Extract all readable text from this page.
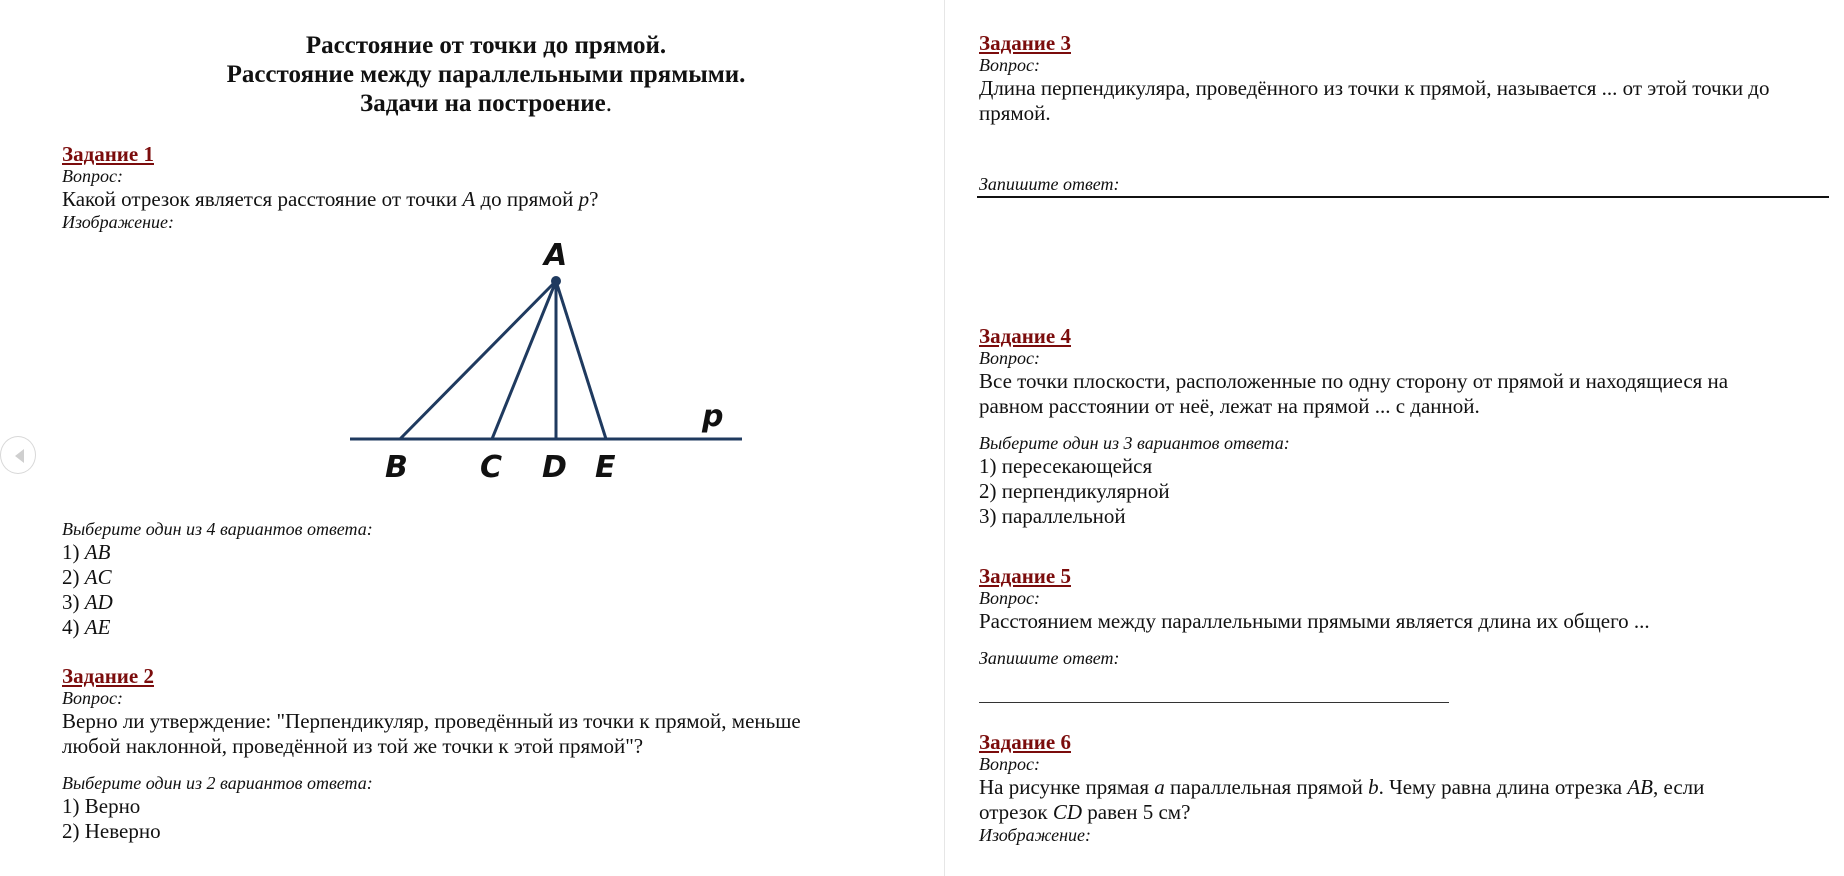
Расстояние от точки до прямой.
Расстояние между параллельными прямыми.
Задачи на построение.
Задание 1
Вопрос:
Какой отрезок является расстояние от точки A до прямой p?
Изображение:
A
p
B C D E
Выберите один из 4 вариантов ответа:
1) AB
2) AC
3) AD
4) AE
Задание 2
Вопрос:
Верно ли утверждение: "Перпендикуляр, проведённый из точки к прямой, меньше
любой наклонной, проведённой из той же точки к этой прямой"?
Выберите один из 2 вариантов ответа:
1) Верно
2) Неверно
Задание 3
Вопрос:
Длина перпендикуляра, проведённого из точки к прямой, называется ... от этой точки до
прямой.
Запишите ответ:
Задание 4
Вопрос:
Все точки плоскости, расположенные по одну сторону от прямой и находящиеся на
равном расстоянии от неё, лежат на прямой ... с данной.
Выберите один из 3 вариантов ответа:
1) пересекающейся
2) перпендикулярной
3) параллельной
Задание 5
Вопрос:
Расстоянием между параллельными прямыми является длина их общего ...
Запишите ответ:
Задание 6
Вопрос:
На рисунке прямая a параллельная прямой b. Чему равна длина отрезка AB, если
отрезок CD равен 5 см?
Изображение:
